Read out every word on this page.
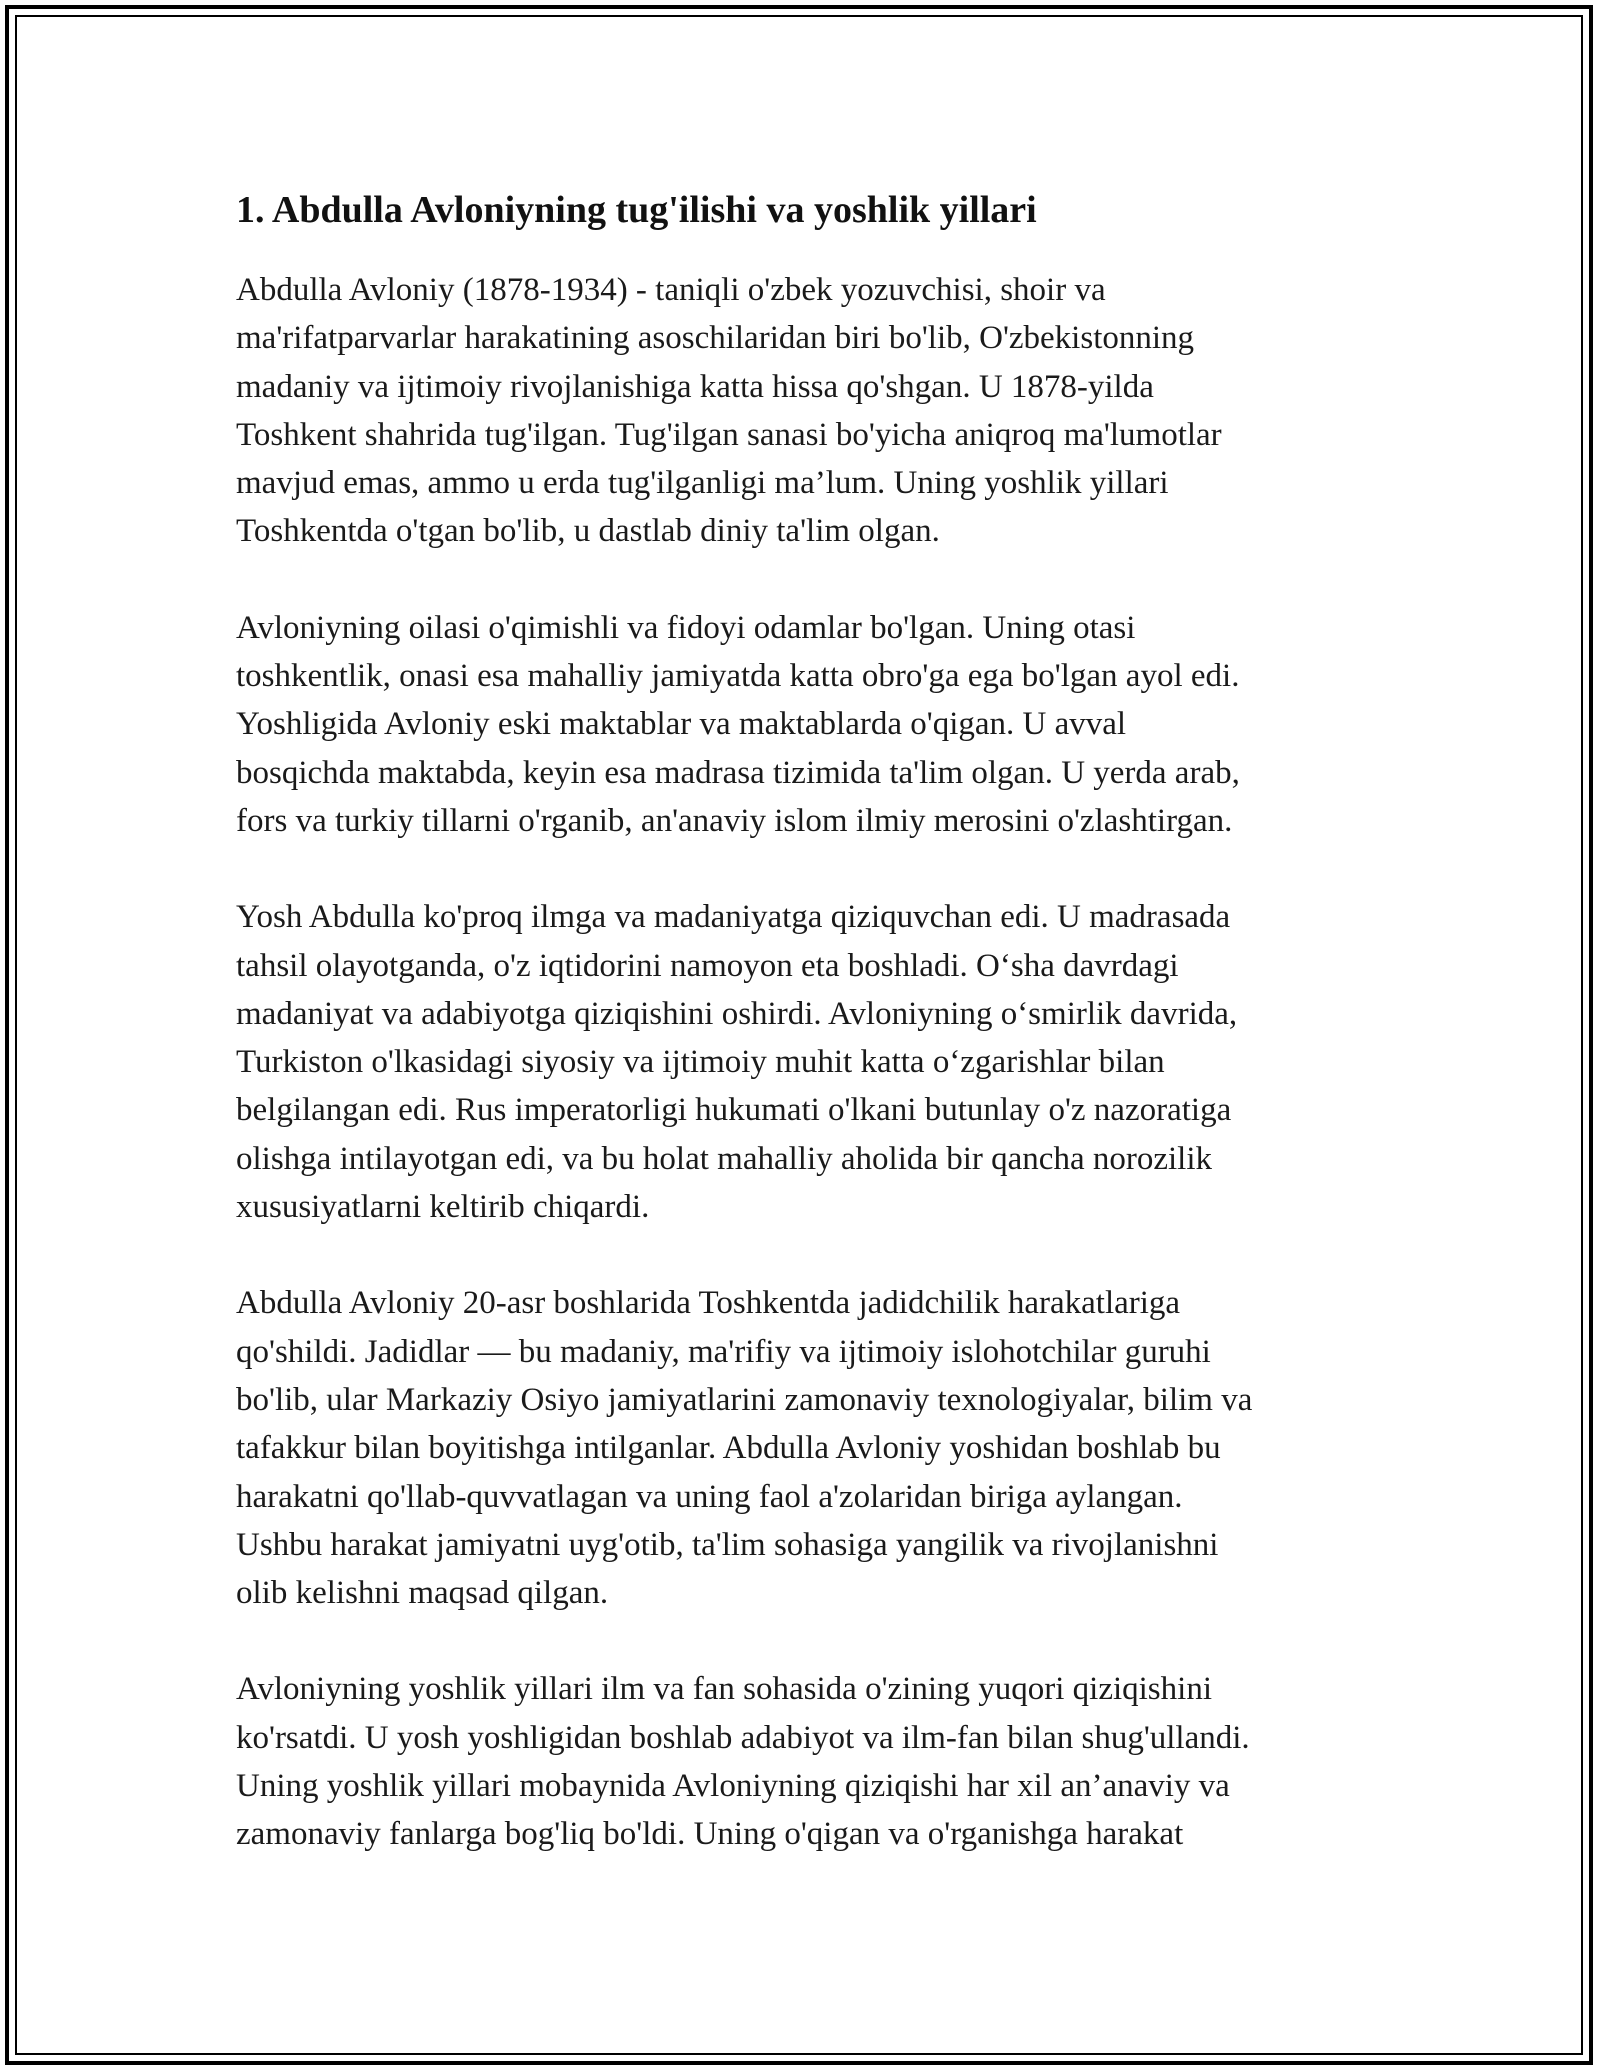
1. Abdulla Avloniyning tug'ilishi va yoshlik yillari

Abdulla Avloniy (1878-1934) - taniqli o'zbek yozuvchisi, shoir va
ma'rifatparvarlar harakatining asoschilaridan biri bo'lib, O'zbekistonning
madaniy va ijtimoiy rivojlanishiga katta hissa qo'shgan. U 1878-yilda
Toshkent shahrida tug'ilgan. Tug'ilgan sanasi bo'yicha aniqroq ma'lumotlar
mavjud emas, ammo u erda tug'ilganligi ma’lum. Uning yoshlik yillari
Toshkentda o'tgan bo'lib, u dastlab diniy ta'lim olgan.

Avloniyning oilasi o'qimishli va fidoyi odamlar bo'lgan. Uning otasi
toshkentlik, onasi esa mahalliy jamiyatda katta obro'ga ega bo'lgan ayol edi.
Yoshligida Avloniy eski maktablar va maktablarda o'qigan. U avval
bosqichda maktabda, keyin esa madrasa tizimida ta'lim olgan. U yerda arab,
fors va turkiy tillarni o'rganib, an'anaviy islom ilmiy merosini o'zlashtirgan.

Yosh Abdulla ko'proq ilmga va madaniyatga qiziquvchan edi. U madrasada
tahsil olayotganda, o'z iqtidorini namoyon eta boshladi. O‘sha davrdagi
madaniyat va adabiyotga qiziqishini oshirdi. Avloniyning o‘smirlik davrida,
Turkiston o'lkasidagi siyosiy va ijtimoiy muhit katta o‘zgarishlar bilan
belgilangan edi. Rus imperatorligi hukumati o'lkani butunlay o'z nazoratiga
olishga intilayotgan edi, va bu holat mahalliy aholida bir qancha norozilik
xususiyatlarni keltirib chiqardi.

Abdulla Avloniy 20-asr boshlarida Toshkentda jadidchilik harakatlariga
qo'shildi. Jadidlar — bu madaniy, ma'rifiy va ijtimoiy islohotchilar guruhi
bo'lib, ular Markaziy Osiyo jamiyatlarini zamonaviy texnologiyalar, bilim va
tafakkur bilan boyitishga intilganlar. Abdulla Avloniy yoshidan boshlab bu
harakatni qo'llab-quvvatlagan va uning faol a'zolaridan biriga aylangan.
Ushbu harakat jamiyatni uyg'otib, ta'lim sohasiga yangilik va rivojlanishni
olib kelishni maqsad qilgan.

Avloniyning yoshlik yillari ilm va fan sohasida o'zining yuqori qiziqishini
ko'rsatdi. U yosh yoshligidan boshlab adabiyot va ilm-fan bilan shug'ullandi.
Uning yoshlik yillari mobaynida Avloniyning qiziqishi har xil an’anaviy va
zamonaviy fanlarga bog'liq bo'ldi. Uning o'qigan va o'rganishga harakat
